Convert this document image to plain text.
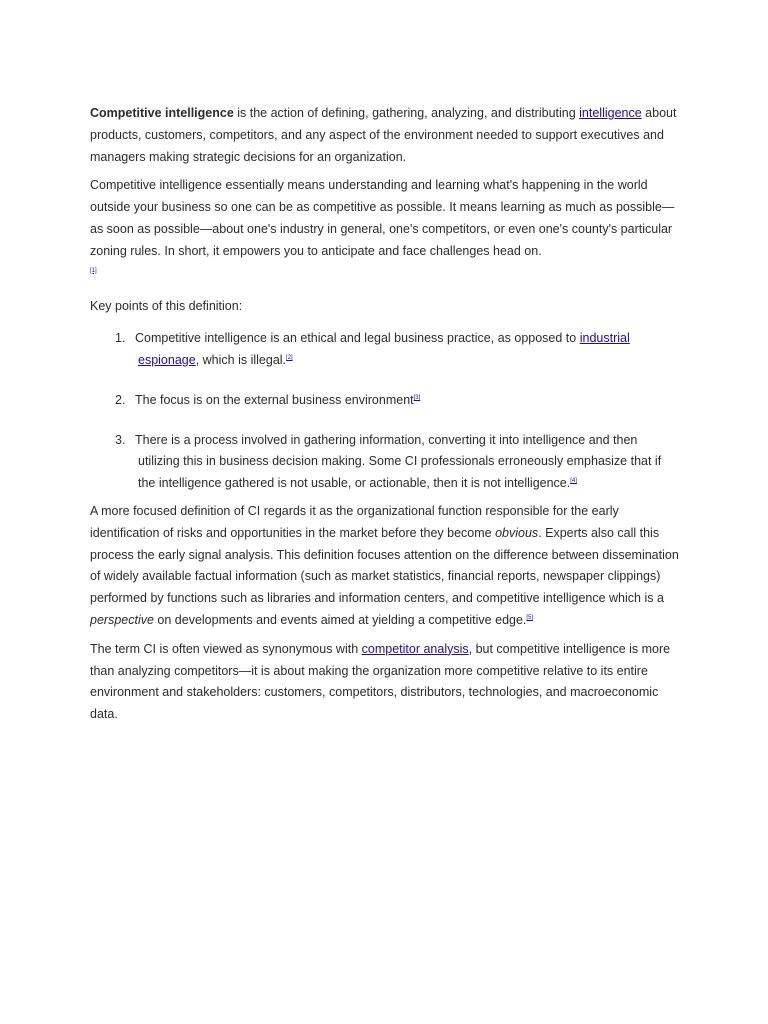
Competitive intelligence is the action of defining, gathering, analyzing, and distributing intelligence about products, customers, competitors, and any aspect of the environment needed to support executives and managers making strategic decisions for an organization.

Competitive intelligence essentially means understanding and learning what's happening in the world outside your business so one can be as competitive as possible. It means learning as much as possible—as soon as possible—about one's industry in general, one's competitors, or even one's county's particular zoning rules. In short, it empowers you to anticipate and face challenges head on.
[1]

Key points of this definition:

1. Competitive intelligence is an ethical and legal business practice, as opposed to industrial espionage, which is illegal.[2]
2. The focus is on the external business environment[3]
3. There is a process involved in gathering information, converting it into intelligence and then utilizing this in business decision making. Some CI professionals erroneously emphasize that if the intelligence gathered is not usable, or actionable, then it is not intelligence.[4]

A more focused definition of CI regards it as the organizational function responsible for the early identification of risks and opportunities in the market before they become obvious. Experts also call this process the early signal analysis. This definition focuses attention on the difference between dissemination of widely available factual information (such as market statistics, financial reports, newspaper clippings) performed by functions such as libraries and information centers, and competitive intelligence which is a perspective on developments and events aimed at yielding a competitive edge.[5]

The term CI is often viewed as synonymous with competitor analysis, but competitive intelligence is more than analyzing competitors—it is about making the organization more competitive relative to its entire environment and stakeholders: customers, competitors, distributors, technologies, and macroeconomic data.
